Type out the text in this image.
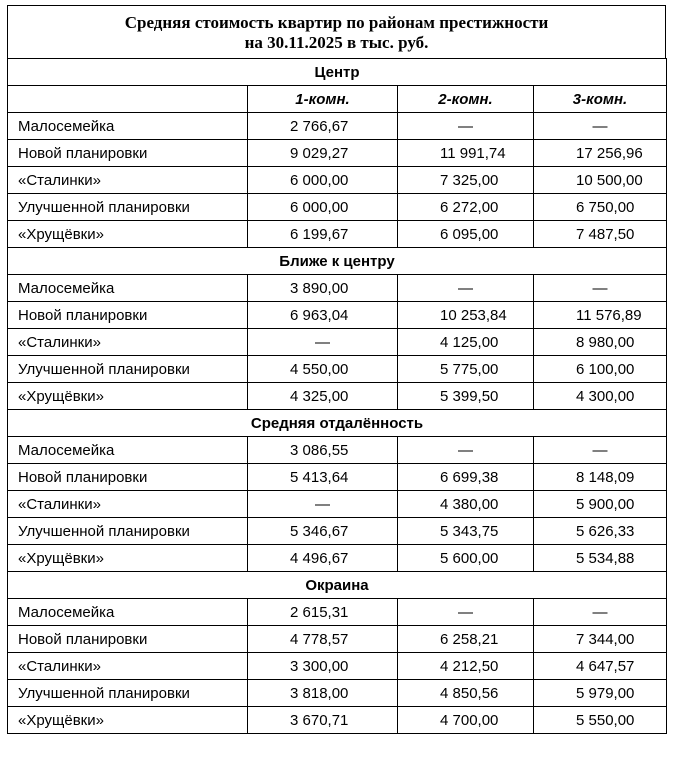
Средняя стоимость квартир по районам престижности
на 30.11.2025 в тыс. руб.
Центр			
	1-комн.	2-комн.	3-комн.
Малосемейка	2 766,67	—	—
Новой планировки	9 029,27	11 991,74	17 256,96
«Сталинки»	6 000,00	7 325,00	10 500,00
Улучшенной планировки	6 000,00	6 272,00	6 750,00
«Хрущёвки»	6 199,67	6 095,00	7 487,50
Ближе к центру			
Малосемейка	3 890,00	—	—
Новой планировки	6 963,04	10 253,84	11 576,89
«Сталинки»	—	4 125,00	8 980,00
Улучшенной планировки	4 550,00	5 775,00	6 100,00
«Хрущёвки»	4 325,00	5 399,50	4 300,00
Средняя отдалённость			
Малосемейка	3 086,55	—	—
Новой планировки	5 413,64	6 699,38	8 148,09
«Сталинки»	—	4 380,00	5 900,00
Улучшенной планировки	5 346,67	5 343,75	5 626,33
«Хрущёвки»	4 496,67	5 600,00	5 534,88
Окраина			
Малосемейка	2 615,31	—	—
Новой планировки	4 778,57	6 258,21	7 344,00
«Сталинки»	3 300,00	4 212,50	4 647,57
Улучшенной планировки	3 818,00	4 850,56	5 979,00
«Хрущёвки»	3 670,71	4 700,00	5 550,00
